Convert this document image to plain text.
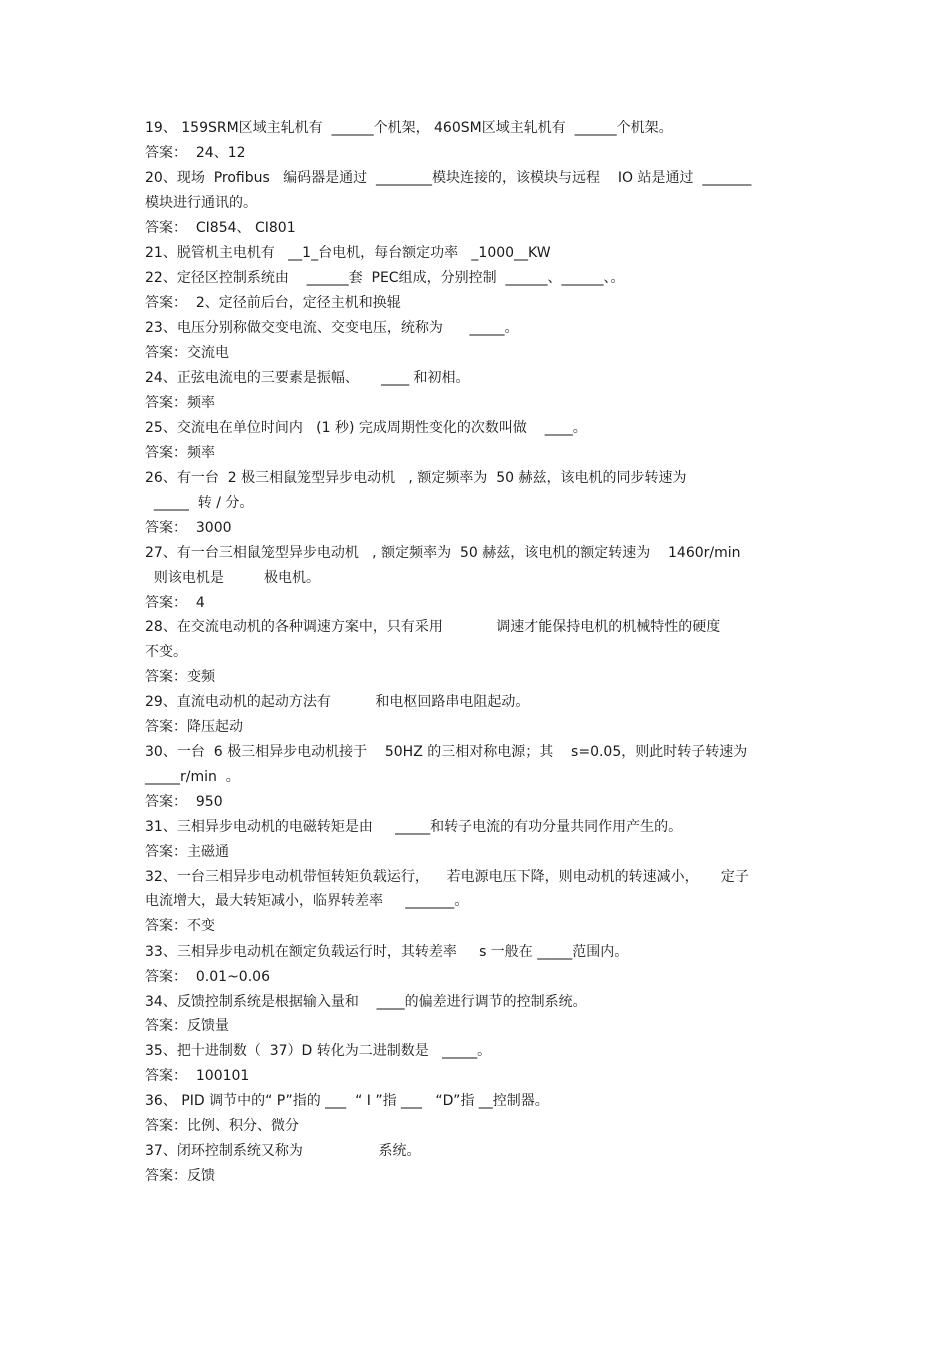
19、 159SRM区域主轧机有  ______个机架， 460SM区域主轧机有  ______个机架。
答案：  24、12
20、现场  Profibus   编码器是通过  ________模块连接的，该模块与远程    IO 站是通过  _______
模块进行通讯的。
答案：  CI854、 CI801
21、脱管机主电机有   __1_台电机，每台额定功率   _1000__KW
22、定径区控制系统由    ______套  PEC组成，分别控制  ______、______、。
答案：  2、定径前后台，定径主机和换辊
23、电压分别称做交变电流、交变电压，统称为      _____。
答案：交流电
24、正弦电流电的三要素是振幅、     ____ 和初相。
答案：频率
25、交流电在单位时间内   (1 秒) 完成周期性变化的次数叫做    ____。
答案：频率
26、有一台  2 极三相鼠笼型异步电动机   , 额定频率为  50 赫兹，该电机的同步转速为
_____  转 / 分。
答案：  3000
27、有一台三相鼠笼型异步电动机   , 额定频率为  50 赫兹，该电机的额定转速为    1460r/min
则该电机是         极电机。
答案：  4
28、在交流电动机的各种调速方案中，只有采用            调速才能保持电机的机械特性的硬度
不变。
答案：变频
29、直流电动机的起动方法有          和电枢回路串电阻起动。
答案：降压起动
30、一台  6 极三相异步电动机接于    50HZ 的三相对称电源；其    s=0.05，则此时转子转速为
_____r/min  。
答案：  950
31、三相异步电动机的电磁转矩是由     _____和转子电流的有功分量共同作用产生的。
答案：主磁通
32、一台三相异步电动机带恒转矩负载运行，    若电源电压下降，则电动机的转速减小，     定子
电流增大，最大转矩减小，临界转差率     _______。
答案：不变
33、三相异步电动机在额定负载运行时，其转差率     s 一般在 _____范围内。
答案：  0.01~0.06
34、反馈控制系统是根据输入量和    ____的偏差进行调节的控制系统。
答案：反馈量
35、把十进制数（  37）D 转化为二进制数是   _____。
答案：  100101
36、 PID 调节中的“ P”指的 ___  “ I ”指 ___   “D”指 __控制器。
答案：比例、积分、微分
37、闭环控制系统又称为                 系统。
答案：反馈
